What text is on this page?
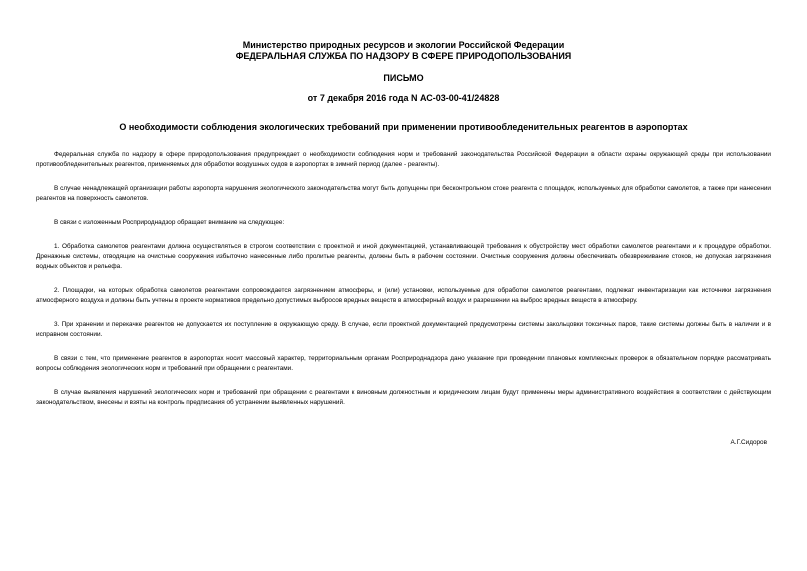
Министерство природных ресурсов и экологии Российской Федерации
ФЕДЕРАЛЬНАЯ СЛУЖБА ПО НАДЗОРУ В СФЕРЕ ПРИРОДОПОЛЬЗОВАНИЯ
ПИСЬМО
от 7 декабря 2016 года N АС-03-00-41/24828
О необходимости соблюдения экологических требований при применении противообледенительных реагентов в аэропортах

Федеральная служба по надзору в сфере природопользования предупреждает о необходимости соблюдения норм и требований законодательства Российской Федерации в области охраны окружающей среды при использовании противообледенительных реагентов, применяемых для обработки воздушных судов в аэропортах в зимний период (далее - реагенты).

В случае ненадлежащей организации работы аэропорта нарушения экологического законодательства могут быть допущены при бесконтрольном стоке реагента с площадок, используемых для обработки самолетов, а также при нанесении реагентов на поверхность самолетов.

В связи с изложенным Росприроднадзор обращает внимание на следующее:

1. Обработка самолетов реагентами должна осуществляться в строгом соответствии с проектной и иной документацией, устанавливающей требования к обустройству мест обработки самолетов реагентами и к процедуре обработки. Дренажные системы, отводящие на очистные сооружения избыточно нанесенные либо пролитые реагенты, должны быть в рабочем состоянии. Очистные сооружения должны обеспечивать обезвреживание стоков, не допуская загрязнения водных объектов и рельефа.

2. Площадки, на которых обработка самолетов реагентами сопровождается загрязнением атмосферы, и (или) установки, используемые для обработки самолетов реагентами, подлежат инвентаризации как источники загрязнения атмосферного воздуха и должны быть учтены в проекте нормативов предельно допустимых выбросов вредных веществ в атмосферный воздух и разрешении на выброс вредных веществ в атмосферу.

3. При хранении и перекачке реагентов не допускается их поступление в окружающую среду. В случае, если проектной документацией предусмотрены системы закольцовки токсичных паров, такие системы должны быть в наличии и в исправном состоянии.

В связи с тем, что применение реагентов в аэропортах носит массовый характер, территориальным органам Росприроднадзора дано указание при проведении плановых комплексных проверок в обязательном порядке рассматривать вопросы соблюдения экологических норм и требований при обращении с реагентами.

В случае выявления нарушений экологических норм и требований при обращении с реагентами к виновным должностным и юридическим лицам будут применены меры административного воздействия в соответствии с действующим законодательством, внесены и взяты на контроль предписания об устранении выявленных нарушений.

А.Г.Сидоров
